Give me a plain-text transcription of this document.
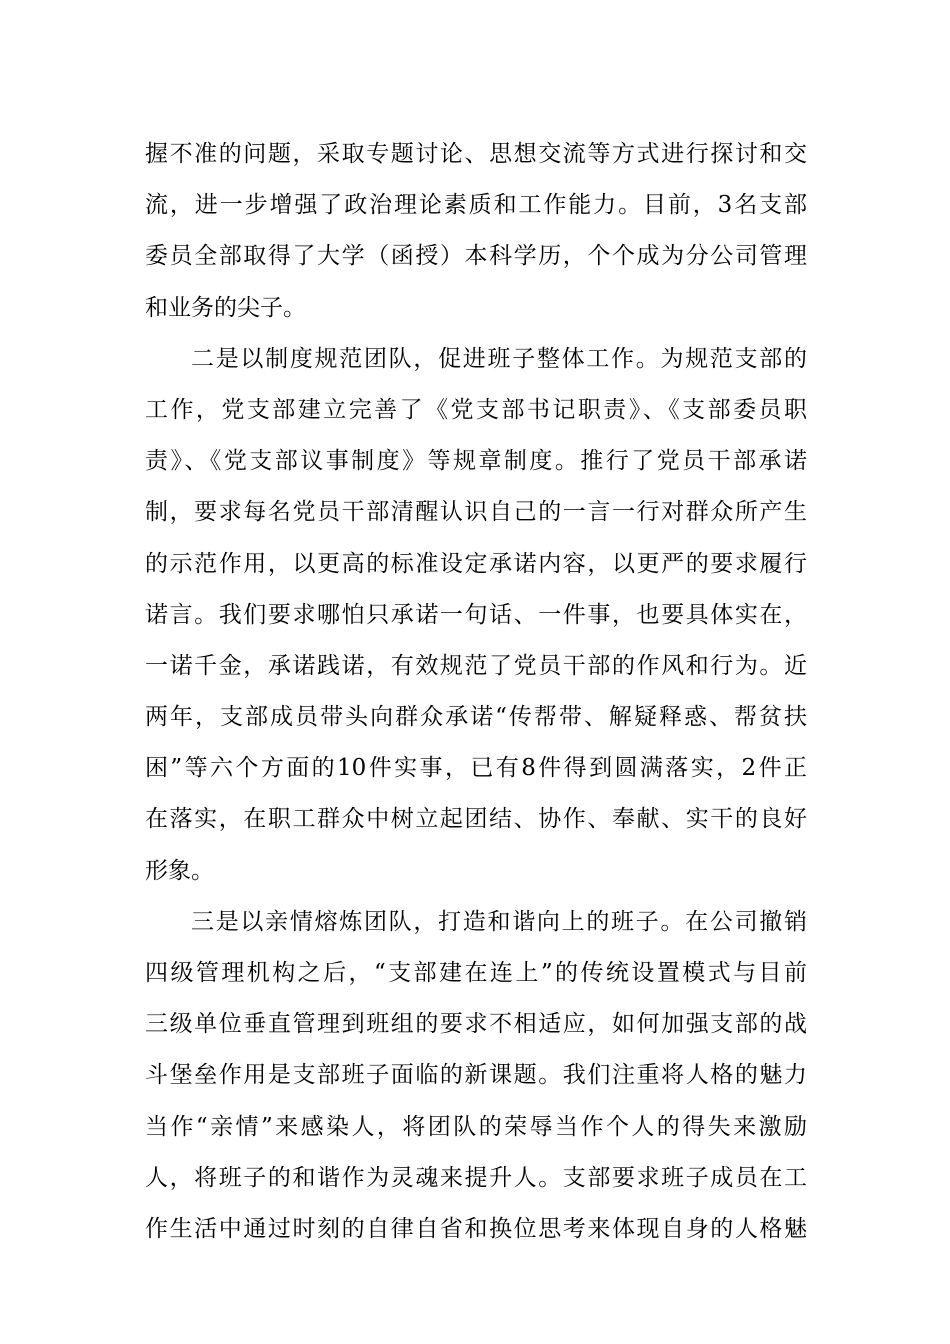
握不准的问题，采取专题讨论、思想交流等方式进行探讨和交
流，进一步增强了政治理论素质和工作能力。目前，3名支部
委员全部取得了大学（函授）本科学历，个个成为分公司管理
和业务的尖子。
二是以制度规范团队，促进班子整体工作。为规范支部的
工作，党支部建立完善了《党支部书记职责》、《支部委员职
责》、《党支部议事制度》等规章制度。推行了党员干部承诺
制，要求每名党员干部清醒认识自己的一言一行对群众所产生
的示范作用，以更高的标准设定承诺内容，以更严的要求履行
诺言。我们要求哪怕只承诺一句话、一件事，也要具体实在，
一诺千金，承诺践诺，有效规范了党员干部的作风和行为。近
两年，支部成员带头向群众承诺“传帮带、解疑释惑、帮贫扶
困”等六个方面的10件实事，已有8件得到圆满落实，2件正
在落实，在职工群众中树立起团结、协作、奉献、实干的良好
形象。
三是以亲情熔炼团队，打造和谐向上的班子。在公司撤销
四级管理机构之后，“支部建在连上”的传统设置模式与目前
三级单位垂直管理到班组的要求不相适应，如何加强支部的战
斗堡垒作用是支部班子面临的新课题。我们注重将人格的魅力
当作“亲情”来感染人，将团队的荣辱当作个人的得失来激励
人，将班子的和谐作为灵魂来提升人。支部要求班子成员在工
作生活中通过时刻的自律自省和换位思考来体现自身的人格魅
